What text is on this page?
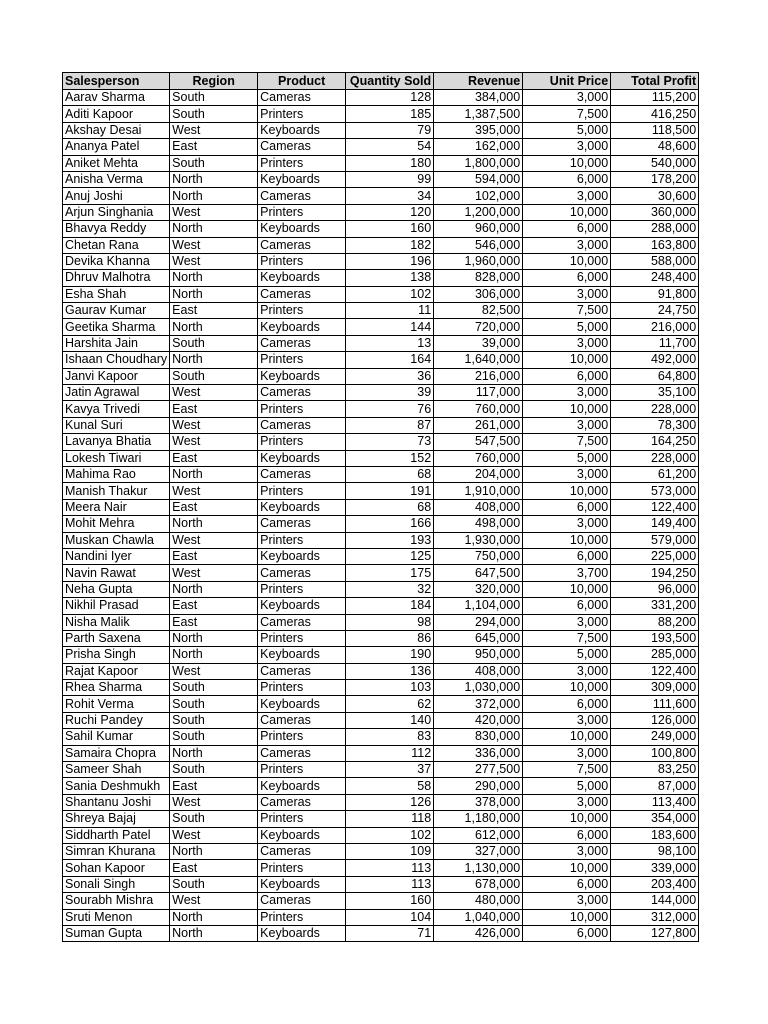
Salesperson	Region	Product	Quantity Sold	Revenue	Unit Price	Total Profit
Aarav Sharma	South	Cameras	128	384,000	3,000	115,200
Aditi Kapoor	South	Printers	185	1,387,500	7,500	416,250
Akshay Desai	West	Keyboards	79	395,000	5,000	118,500
Ananya Patel	East	Cameras	54	162,000	3,000	48,600
Aniket Mehta	South	Printers	180	1,800,000	10,000	540,000
Anisha Verma	North	Keyboards	99	594,000	6,000	178,200
Anuj Joshi	North	Cameras	34	102,000	3,000	30,600
Arjun Singhania	West	Printers	120	1,200,000	10,000	360,000
Bhavya Reddy	North	Keyboards	160	960,000	6,000	288,000
Chetan Rana	West	Cameras	182	546,000	3,000	163,800
Devika Khanna	West	Printers	196	1,960,000	10,000	588,000
Dhruv Malhotra	North	Keyboards	138	828,000	6,000	248,400
Esha Shah	North	Cameras	102	306,000	3,000	91,800
Gaurav Kumar	East	Printers	11	82,500	7,500	24,750
Geetika Sharma	North	Keyboards	144	720,000	5,000	216,000
Harshita Jain	South	Cameras	13	39,000	3,000	11,700
Ishaan Choudhary	North	Printers	164	1,640,000	10,000	492,000
Janvi Kapoor	South	Keyboards	36	216,000	6,000	64,800
Jatin Agrawal	West	Cameras	39	117,000	3,000	35,100
Kavya Trivedi	East	Printers	76	760,000	10,000	228,000
Kunal Suri	West	Cameras	87	261,000	3,000	78,300
Lavanya Bhatia	West	Printers	73	547,500	7,500	164,250
Lokesh Tiwari	East	Keyboards	152	760,000	5,000	228,000
Mahima Rao	North	Cameras	68	204,000	3,000	61,200
Manish Thakur	West	Printers	191	1,910,000	10,000	573,000
Meera Nair	East	Keyboards	68	408,000	6,000	122,400
Mohit Mehra	North	Cameras	166	498,000	3,000	149,400
Muskan Chawla	West	Printers	193	1,930,000	10,000	579,000
Nandini Iyer	East	Keyboards	125	750,000	6,000	225,000
Navin Rawat	West	Cameras	175	647,500	3,700	194,250
Neha Gupta	North	Printers	32	320,000	10,000	96,000
Nikhil Prasad	East	Keyboards	184	1,104,000	6,000	331,200
Nisha Malik	East	Cameras	98	294,000	3,000	88,200
Parth Saxena	North	Printers	86	645,000	7,500	193,500
Prisha Singh	North	Keyboards	190	950,000	5,000	285,000
Rajat Kapoor	West	Cameras	136	408,000	3,000	122,400
Rhea Sharma	South	Printers	103	1,030,000	10,000	309,000
Rohit Verma	South	Keyboards	62	372,000	6,000	111,600
Ruchi Pandey	South	Cameras	140	420,000	3,000	126,000
Sahil Kumar	South	Printers	83	830,000	10,000	249,000
Samaira Chopra	North	Cameras	112	336,000	3,000	100,800
Sameer Shah	South	Printers	37	277,500	7,500	83,250
Sania Deshmukh	East	Keyboards	58	290,000	5,000	87,000
Shantanu Joshi	West	Cameras	126	378,000	3,000	113,400
Shreya Bajaj	South	Printers	118	1,180,000	10,000	354,000
Siddharth Patel	West	Keyboards	102	612,000	6,000	183,600
Simran Khurana	North	Cameras	109	327,000	3,000	98,100
Sohan Kapoor	East	Printers	113	1,130,000	10,000	339,000
Sonali Singh	South	Keyboards	113	678,000	6,000	203,400
Sourabh Mishra	West	Cameras	160	480,000	3,000	144,000
Sruti Menon	North	Printers	104	1,040,000	10,000	312,000
Suman Gupta	North	Keyboards	71	426,000	6,000	127,800
